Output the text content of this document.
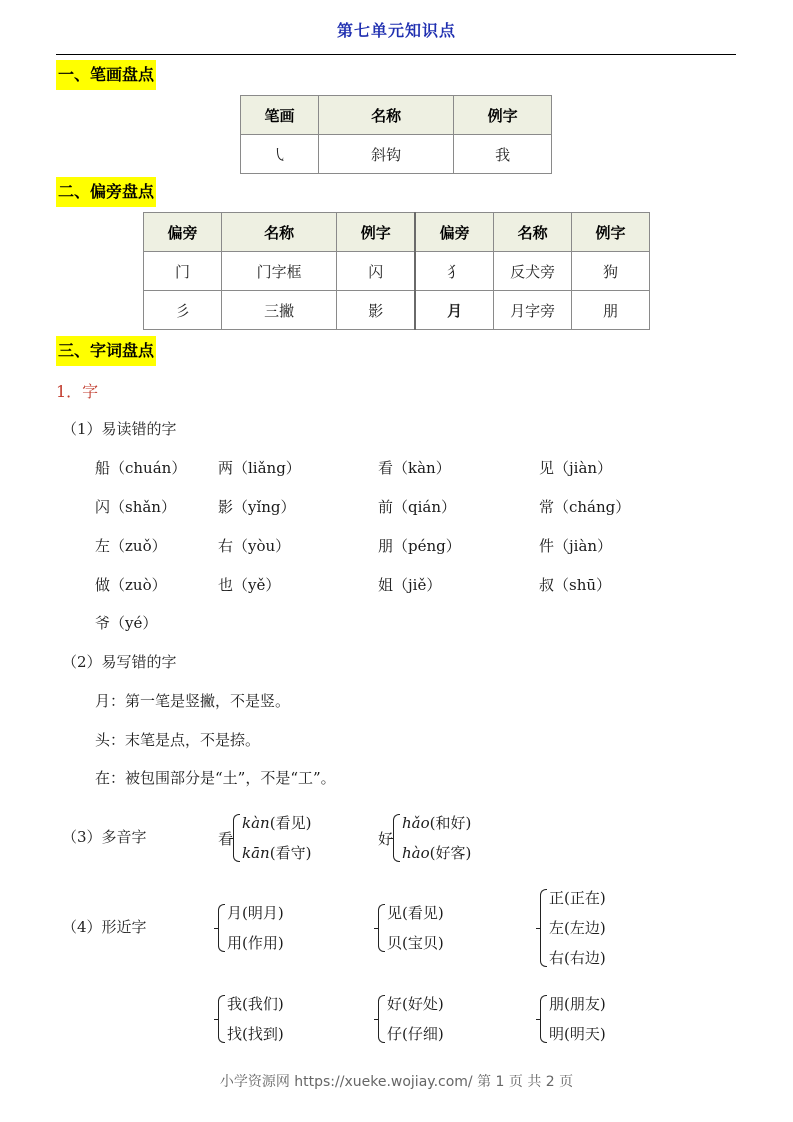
第七单元知识点
一、笔画盘点
笔画	名称	例字
㇂	斜钩	我
二、偏旁盘点
偏旁	名称	例字	偏旁	名称	例字
门	门字框	闪	犭	反犬旁	狗
彡	三撇	影	月	月字旁	朋
三、字词盘点
1．字
（1）易读错的字
船（chuán） 两（liǎng）	看（kàn）	见（jiàn）
闪（shǎn）	影（yǐng）	前（qián）	常（cháng）
左（zuǒ）	右（yòu）	朋（péng）	件（jiàn）
做（zuò）	也（yě）	姐（jiě）	叔（shū）
爷（yé）
（2）易写错的字
月：第一笔是竖撇，不是竖。
头：末笔是点，不是捺。
在：被包围部分是“土”，不是“工”。
（3）多音字	看
kàn(看见)
kān(看守)
好
hǎo(和好)
hào(好客)
（4）形近字
月(明月)
用(作用)
见(看见)
贝(宝贝)
正(正在)
左(左边)
右(右边)
我(我们)
找(找到)
好(好处)
仔(仔细)
朋(朋友)
明(明天)
小学资源网 https://xueke.wojiay.com/ 第 1 页 共 2 页
